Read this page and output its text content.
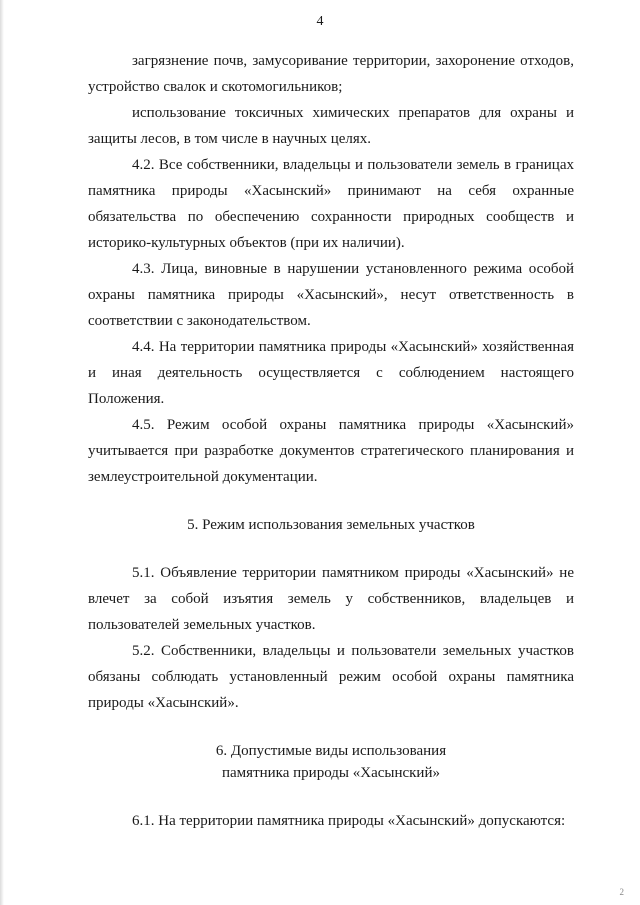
4

загрязнение почв, замусоривание территории, захоронение отходов, устройство свалок и скотомогильников;

использование токсичных химических препаратов для охраны и защиты лесов, в том числе в научных целях.

4.2. Все собственники, владельцы и пользователи земель в границах памятника природы «Хасынский» принимают на себя охранные обязательства по обеспечению сохранности природных сообществ и историко-культурных объектов (при их наличии).

4.3. Лица, виновные в нарушении установленного режима особой охраны памятника природы «Хасынский», несут ответственность в соответствии с законодательством.

4.4. На территории памятника природы «Хасынский» хозяйственная и иная деятельность осуществляется с соблюдением настоящего Положения.

4.5. Режим особой охраны памятника природы «Хасынский» учитывается при разработке документов стратегического планирования и землеустроительной документации.

5. Режим использования земельных участков

5.1. Объявление территории памятником природы «Хасынский» не влечет за собой изъятия земель у собственников, владельцев и пользователей земельных участков.

5.2. Собственники, владельцы и пользователи земельных участков обязаны соблюдать установленный режим особой охраны памятника природы «Хасынский».

6. Допустимые виды использования

памятника природы «Хасынский»

6.1. На территории памятника природы «Хасынский» допускаются:

2
